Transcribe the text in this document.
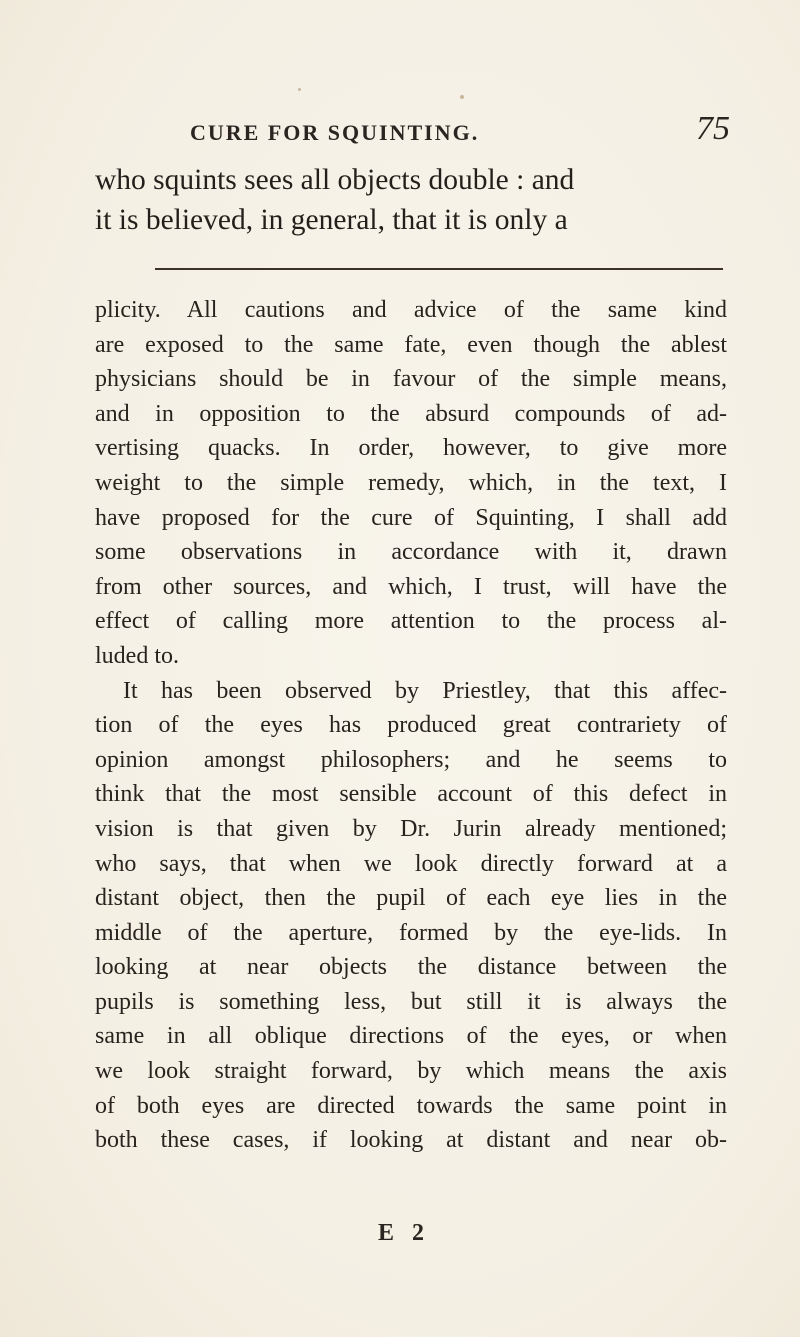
CURE FOR SQUINTING.	75
who squints sees all objects double : and
it is believed, in general, that it is only a
plicity. All cautions and advice of the same kind
are exposed to the same fate, even though the ablest
physicians should be in favour of the simple means,
and in opposition to the absurd compounds of ad-
vertising quacks. In order, however, to give more
weight to the simple remedy, which, in the text, I
have proposed for the cure of Squinting, I shall add
some observations in accordance with it, drawn
from other sources, and which, I trust, will have the
effect of calling more attention to the process al-
luded to.
It has been observed by Priestley, that this affec-
tion of the eyes has produced great contrariety of
opinion amongst philosophers; and he seems to
think that the most sensible account of this defect in
vision is that given by Dr. Jurin already mentioned;
who says, that when we look directly forward at a
distant object, then the pupil of each eye lies in the
middle of the aperture, formed by the eye-lids. In
looking at near objects the distance between the
pupils is something less, but still it is always the
same in all oblique directions of the eyes, or when
we look straight forward, by which means the axis
of both eyes are directed towards the same point in
both these cases, if looking at distant and near ob-
E 2
